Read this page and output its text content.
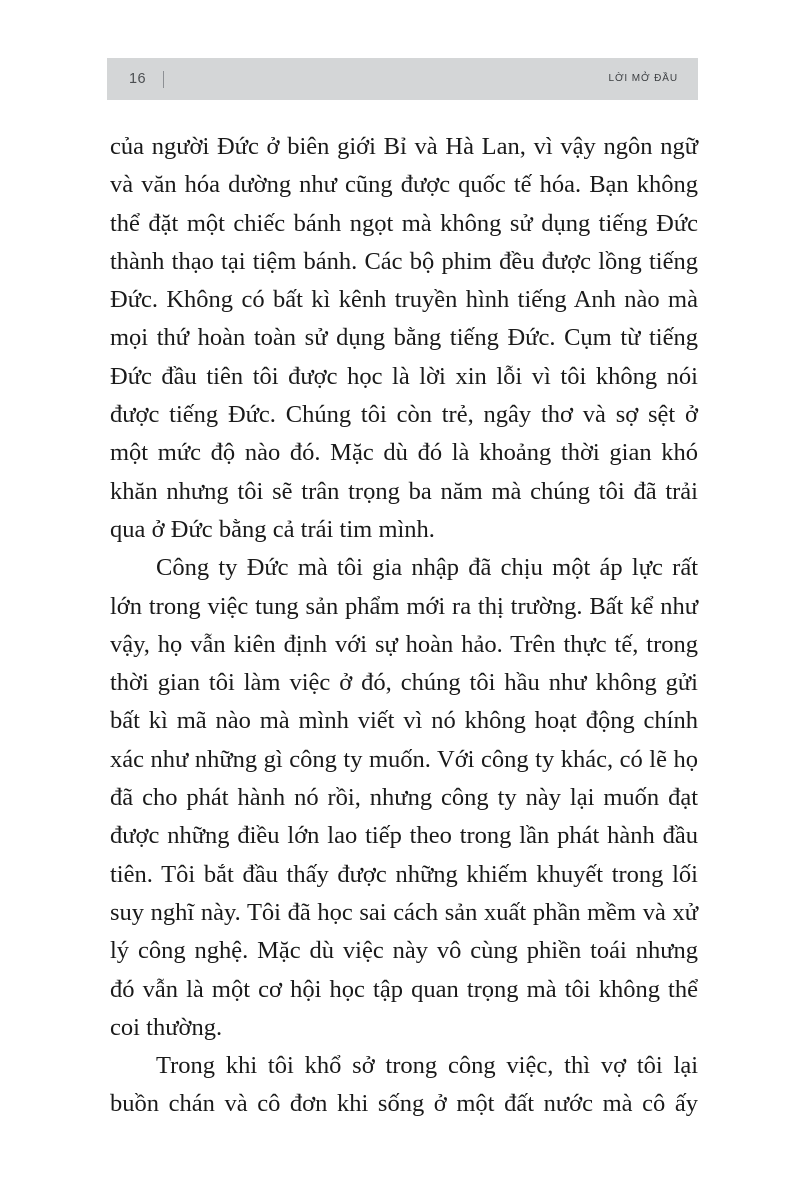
16	LỜI MỞ ĐẦU

của người Đức ở biên giới Bỉ và Hà Lan, vì vậy ngôn ngữ và văn hóa dường như cũng được quốc tế hóa. Bạn không thể đặt một chiếc bánh ngọt mà không sử dụng tiếng Đức thành thạo tại tiệm bánh. Các bộ phim đều được lồng tiếng Đức. Không có bất kì kênh truyền hình tiếng Anh nào mà mọi thứ hoàn toàn sử dụng bằng tiếng Đức. Cụm từ tiếng Đức đầu tiên tôi được học là lời xin lỗi vì tôi không nói được tiếng Đức. Chúng tôi còn trẻ, ngây thơ và sợ sệt ở một mức độ nào đó. Mặc dù đó là khoảng thời gian khó khăn nhưng tôi sẽ trân trọng ba năm mà chúng tôi đã trải qua ở Đức bằng cả trái tim mình.

Công ty Đức mà tôi gia nhập đã chịu một áp lực rất lớn trong việc tung sản phẩm mới ra thị trường. Bất kể như vậy, họ vẫn kiên định với sự hoàn hảo. Trên thực tế, trong thời gian tôi làm việc ở đó, chúng tôi hầu như không gửi bất kì mã nào mà mình viết vì nó không hoạt động chính xác như những gì công ty muốn. Với công ty khác, có lẽ họ đã cho phát hành nó rồi, nhưng công ty này lại muốn đạt được những điều lớn lao tiếp theo trong lần phát hành đầu tiên. Tôi bắt đầu thấy được những khiếm khuyết trong lối suy nghĩ này. Tôi đã học sai cách sản xuất phần mềm và xử lý công nghệ. Mặc dù việc này vô cùng phiền toái nhưng đó vẫn là một cơ hội học tập quan trọng mà tôi không thể coi thường.

Trong khi tôi khổ sở trong công việc, thì vợ tôi lại buồn chán và cô đơn khi sống ở một đất nước mà cô ấy
